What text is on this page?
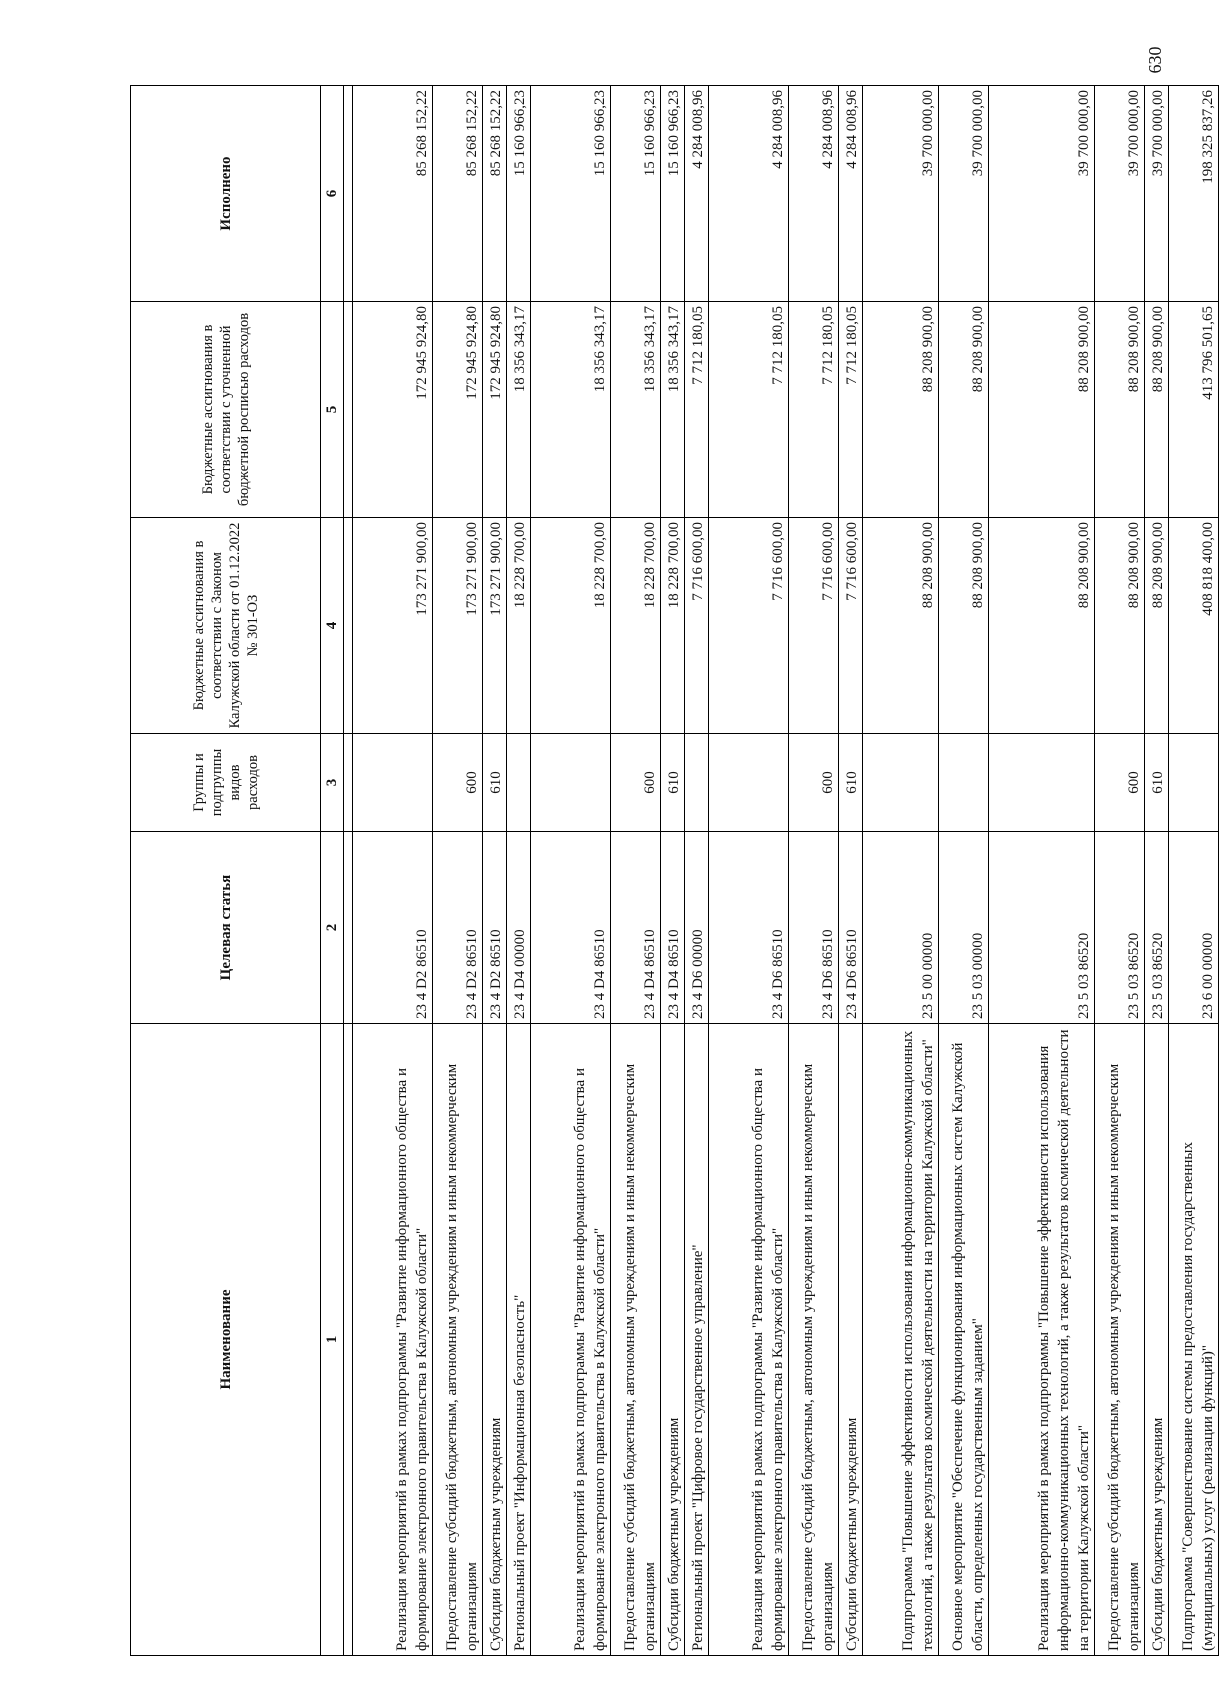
630
Наименование	Целевая статья	Группы и подгруппы видов расходов	Бюджетные ассигнования в соответствии с Законом Калужской области от 01.12.2022 № 301-ОЗ	Бюджетные ассигнования в соответствии с уточненной бюджетной росписью расходов	Исполнено
1	2	3	4	5	6

Реализация мероприятий в рамках подпрограммы "Развитие информационного общества и формирование электронного правительства в Калужской области"	23 4 D2 86510		173 271 900,00	172 945 924,80	85 268 152,22
Предоставление субсидий бюджетным, автономным учреждениям и иным некоммерческим организациям	23 4 D2 86510	600	173 271 900,00	172 945 924,80	85 268 152,22
Субсидии бюджетным учреждениям	23 4 D2 86510	610	173 271 900,00	172 945 924,80	85 268 152,22
Региональный проект "Информационная безопасность"	23 4 D4 00000		18 228 700,00	18 356 343,17	15 160 966,23
Реализация мероприятий в рамках подпрограммы "Развитие информационного общества и формирование электронного правительства в Калужской области"	23 4 D4 86510		18 228 700,00	18 356 343,17	15 160 966,23
Предоставление субсидий бюджетным, автономным учреждениям и иным некоммерческим организациям	23 4 D4 86510	600	18 228 700,00	18 356 343,17	15 160 966,23
Субсидии бюджетным учреждениям	23 4 D4 86510	610	18 228 700,00	18 356 343,17	15 160 966,23
Региональный проект "Цифровое государственное управление"	23 4 D6 00000		7 716 600,00	7 712 180,05	4 284 008,96
Реализация мероприятий в рамках подпрограммы "Развитие информационного общества и формирование электронного правительства в Калужской области"	23 4 D6 86510		7 716 600,00	7 712 180,05	4 284 008,96
Предоставление субсидий бюджетным, автономным учреждениям и иным некоммерческим организациям	23 4 D6 86510	600	7 716 600,00	7 712 180,05	4 284 008,96
Субсидии бюджетным учреждениям	23 4 D6 86510	610	7 716 600,00	7 712 180,05	4 284 008,96
Подпрограмма "Повышение эффективности использования информационно-коммуникационных технологий, а также результатов космической деятельности на территории Калужской области"	23 5 00 00000		88 208 900,00	88 208 900,00	39 700 000,00
Основное мероприятие "Обеспечение функционирования информационных систем Калужской области, определенных государственным заданием"	23 5 03 00000		88 208 900,00	88 208 900,00	39 700 000,00
Реализация мероприятий в рамках подпрограммы "Повышение эффективности использования информационно-коммуникационных технологий, а также результатов космической деятельности на территории Калужской области"	23 5 03 86520		88 208 900,00	88 208 900,00	39 700 000,00
Предоставление субсидий бюджетным, автономным учреждениям и иным некоммерческим организациям	23 5 03 86520	600	88 208 900,00	88 208 900,00	39 700 000,00
Субсидии бюджетным учреждениям	23 5 03 86520	610	88 208 900,00	88 208 900,00	39 700 000,00
Подпрограмма "Совершенствование системы предоставления государственных (муниципальных) услуг (реализации функций)"	23 6 00 00000		408 818 400,00	413 796 501,65	198 325 837,26
